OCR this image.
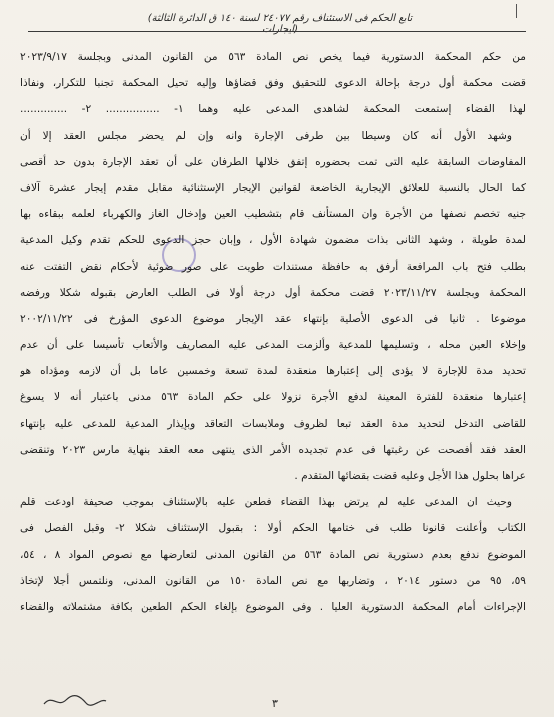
(تابع الحكم فى الاستئناف رقم ٢٤٠٧٧ لسنة ١٤٠ ق الدائرة الثالثة ايجارات)
من حكم المحكمة الدستورية فيما يخص نص المادة ٥٦٣ من القانون المدنى وبجلسة ٢٠٢٣/٩/١٧
قضت محكمة أول درجة بإحالة الدعوى للتحقيق وفق قضاؤها وإليه تحيل المحكمة تجنبا للتكرار، ونفاذا
لهذا القضاء إستمعت المحكمة لشاهدى المدعى عليه وهما ١- ................ ٢- ..............
وشهد الأول أنه كان وسيطا بين طرفى الإجارة وانه وإن لم يحضر مجلس العقد إلا أن
المفاوضات السابقة عليه التى تمت بحضوره إتفق خلالها الطرفان على أن تعقد الإجارة بدون حد أقصى
كما الحال بالنسبة للعلائق الإيجارية الخاضعة لقوانين الإيجار الإستثنائية مقابل مقدم إيجار عشرة آلاف
جنيه تخصم نصفها من الأجرة وان المستأنف قام بتشطيب العين وإدخال الغاز والكهرباء لعلمه ببقاءه بها
لمدة طويلة ، وشهد الثانى بذات مضمون شهادة الأول ، وإبان حجز الدعوى للحكم تقدم وكيل المدعية
بطلب فتح باب المرافعة أرفق به حافظة مستندات طويت على صور ضوئية لأحكام نقض التفتت عنه
المحكمة وبجلسة ٢٠٢٣/١١/٢٧ قضت محكمة أول درجة أولا فى الطلب العارض بقبوله شكلا ورفضه
موضوعا . ثانيا فى الدعوى الأصلية بإنتهاء عقد الإيجار موضوع الدعوى المؤرخ فى ٢٠٠٢/١١/٢٢
وإخلاء العين محله ، وتسليمها للمدعية وألزمت المدعى عليه المصاريف والأتعاب تأسيسا على أن عدم
تحديد مدة للإجارة لا يؤدى إلى إعتبارها منعقدة لمدة تسعة وخمسين عاما بل أن لازمه ومؤداه هو
إعتبارها منعقدة للفترة المعينة لدفع الأجرة نزولا على حكم المادة ٥٦٣ مدنى باعتبار أنه لا يسوغ
للقاضى التدخل لتحديد مدة العقد تبعا لظروف وملابسات التعاقد وبإيذار المدعية للمدعى عليه بإنتهاء
العقد فقد أفصحت عن رغبتها فى عدم تجديده الأمر الذى ينتهى معه العقد بنهاية مارس ٢٠٢٣ وتنقضى
عراها بحلول هذا الأجل وعليه قضت بقضائها المتقدم .
وحيث ان المدعى عليه لم يرتض بهذا القضاء فطعن عليه بالإستئناف بموجب صحيفة اودعت قلم
الكتاب وأعلنت قانونا طلب فى ختامها الحكم أولا : بقبول الإستئناف شكلا ٢- وقبل الفصل فى
الموضوع ندفع بعدم دستورية نص المادة ٥٦٣ من القانون المدنى لتعارضها مع نصوص المواد ٨ ، ٥٤،
٥٩، ٩٥ من دستور ٢٠١٤ ، وتضاربها مع نص المادة ١٥٠ من القانون المدنى، ونلتمس أجلا لإتخاذ
الإجراءات أمام المحكمة الدستورية العليا . وفى الموضوع بإلغاء الحكم الطعين بكافة مشتملاته والقضاء
٣
